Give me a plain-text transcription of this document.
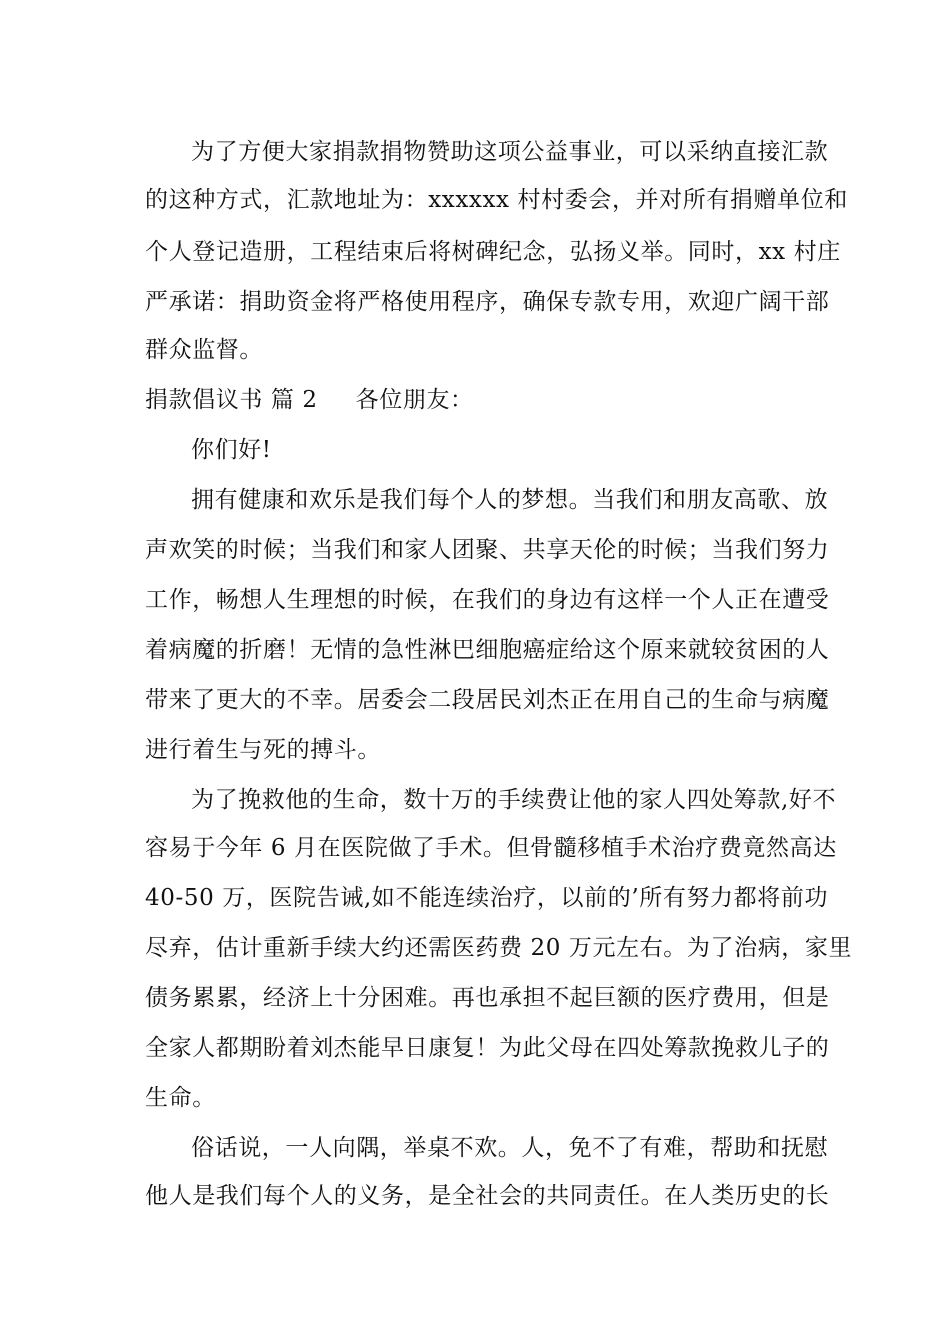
为了方便大家捐款捐物赞助这项公益事业，可以采纳直接汇款
的这种方式，汇款地址为：xxxxxx 村村委会，并对所有捐赠单位和
个人登记造册，工程结束后将树碑纪念，弘扬义举。同时，xx 村庄
严承诺：捐助资金将严格使用程序，确保专款专用，欢迎广阔干部
群众监督。
捐款倡议书 篇 2 各位朋友：
你们好!
拥有健康和欢乐是我们每个人的梦想。当我们和朋友高歌、放
声欢笑的时候；当我们和家人团聚、共享天伦的时候；当我们努力
工作，畅想人生理想的时候，在我们的身边有这样一个人正在遭受
着病魔的折磨！无情的急性淋巴细胞癌症给这个原来就较贫困的人
带来了更大的不幸。居委会二段居民刘杰正在用自己的生命与病魔
进行着生与死的搏斗。
为了挽救他的生命，数十万的手续费让他的家人四处筹款,好不
容易于今年 6 月在医院做了手术。但骨髓移植手术治疗费竟然高达
40-50 万，医院告诫,如不能连续治疗，以前的’所有努力都将前功
尽弃，估计重新手续大约还需医药费 20 万元左右。为了治病，家里
债务累累，经济上十分困难。再也承担不起巨额的医疗费用，但是
全家人都期盼着刘杰能早日康复！为此父母在四处筹款挽救儿子的
生命。
俗话说，一人向隅，举桌不欢。人，免不了有难，帮助和抚慰
他人是我们每个人的义务，是全社会的共同责任。在人类历史的长
